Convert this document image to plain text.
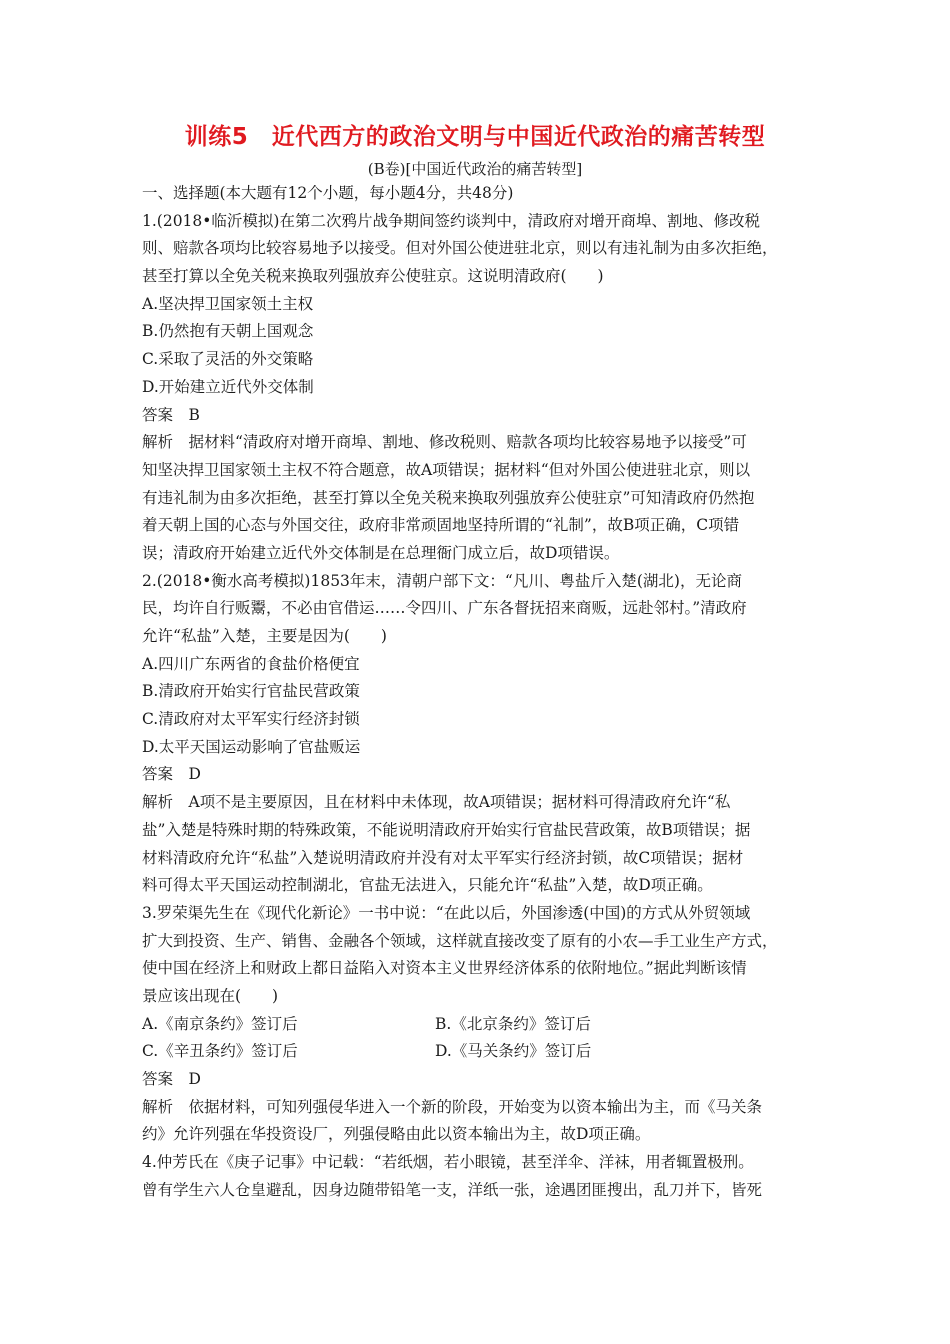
训练5　近代西方的政治文明与中国近代政治的痛苦转型
(B卷)[中国近代政治的痛苦转型]
一、选择题(本大题有12个小题，每小题4分，共48分)
1.(2018•临沂模拟)在第二次鸦片战争期间签约谈判中，清政府对增开商埠、割地、修改税
则、赔款各项均比较容易地予以接受。但对外国公使进驻北京，则以有违礼制为由多次拒绝，
甚至打算以全免关税来换取列强放弃公使驻京。这说明清政府(　　)
A.坚决捍卫国家领土主权
B.仍然抱有天朝上国观念
C.采取了灵活的外交策略
D.开始建立近代外交体制
答案　B
解析　据材料“清政府对增开商埠、割地、修改税则、赔款各项均比较容易地予以接受”可
知坚决捍卫国家领土主权不符合题意，故A项错误；据材料“但对外国公使进驻北京，则以
有违礼制为由多次拒绝，甚至打算以全免关税来换取列强放弃公使驻京”可知清政府仍然抱
着天朝上国的心态与外国交往，政府非常顽固地坚持所谓的“礼制”，故B项正确，C项错
误；清政府开始建立近代外交体制是在总理衙门成立后，故D项错误。
2.(2018•衡水高考模拟)1853年末，清朝户部下文：“凡川、粤盐斤入楚(湖北)，无论商
民，均许自行贩鬻，不必由官借运……令四川、广东各督抚招来商贩，远赴邻村。”清政府
允许“私盐”入楚，主要是因为(　　)
A.四川广东两省的食盐价格便宜
B.清政府开始实行官盐民营政策
C.清政府对太平军实行经济封锁
D.太平天国运动影响了官盐贩运
答案　D
解析　A项不是主要原因，且在材料中未体现，故A项错误；据材料可得清政府允许“私
盐”入楚是特殊时期的特殊政策，不能说明清政府开始实行官盐民营政策，故B项错误；据
材料清政府允许“私盐”入楚说明清政府并没有对太平军实行经济封锁，故C项错误；据材
料可得太平天国运动控制湖北，官盐无法进入，只能允许“私盐”入楚，故D项正确。
3.罗荣渠先生在《现代化新论》一书中说：“在此以后，外国渗透(中国)的方式从外贸领域
扩大到投资、生产、销售、金融各个领域，这样就直接改变了原有的小农—手工业生产方式，
使中国在经济上和财政上都日益陷入对资本主义世界经济体系的依附地位。”据此判断该情
景应该出现在(　　)
A.《南京条约》签订后	B.《北京条约》签订后
C.《辛丑条约》签订后	D.《马关条约》签订后
答案　D
解析　依据材料，可知列强侵华进入一个新的阶段，开始变为以资本输出为主，而《马关条
约》允许列强在华投资设厂，列强侵略由此以资本输出为主，故D项正确。
4.仲芳氏在《庚子记事》中记载：“若纸烟，若小眼镜，甚至洋伞、洋袜，用者辄置极刑。
曾有学生六人仓皇避乱，因身边随带铅笔一支，洋纸一张，途遇团匪搜出，乱刀并下，皆死
